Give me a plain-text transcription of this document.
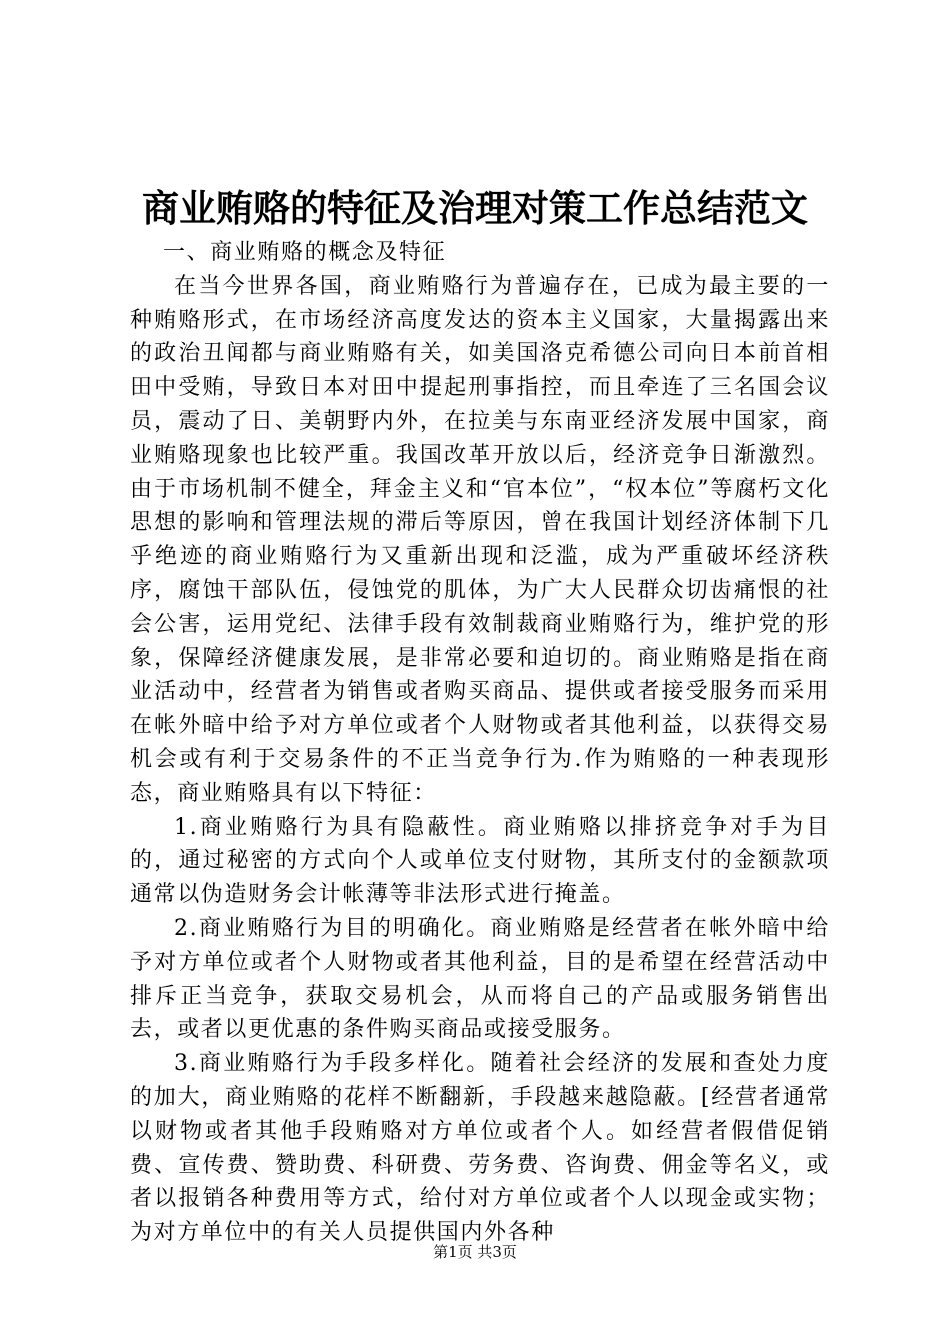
商业贿赂的特征及治理对策工作总结范文

一、商业贿赂的概念及特征

在当今世界各国，商业贿赂行为普遍存在，已成为最主要的一种贿赂形式，在市场经济高度发达的资本主义国家，大量揭露出来的政治丑闻都与商业贿赂有关，如美国洛克希德公司向日本前首相田中受贿，导致日本对田中提起刑事指控，而且牵连了三名国会议员，震动了日、美朝野内外，在拉美与东南亚经济发展中国家，商业贿赂现象也比较严重。我国改革开放以后，经济竞争日渐激烈。由于市场机制不健全，拜金主义和“官本位”，“权本位”等腐朽文化思想的影响和管理法规的滞后等原因，曾在我国计划经济体制下几乎绝迹的商业贿赂行为又重新出现和泛滥，成为严重破坏经济秩序，腐蚀干部队伍，侵蚀党的肌体，为广大人民群众切齿痛恨的社会公害，运用党纪、法律手段有效制裁商业贿赂行为，维护党的形象，保障经济健康发展，是非常必要和迫切的。商业贿赂是指在商业活动中，经营者为销售或者购买商品、提供或者接受服务而采用在帐外暗中给予对方单位或者个人财物或者其他利益，以获得交易机会或有利于交易条件的不正当竞争行为.作为贿赂的一种表现形态，商业贿赂具有以下特征：

1.商业贿赂行为具有隐蔽性。商业贿赂以排挤竞争对手为目的，通过秘密的方式向个人或单位支付财物，其所支付的金额款项通常以伪造财务会计帐薄等非法形式进行掩盖。

2.商业贿赂行为目的明确化。商业贿赂是经营者在帐外暗中给予对方单位或者个人财物或者其他利益，目的是希望在经营活动中排斥正当竞争，获取交易机会，从而将自己的产品或服务销售出去，或者以更优惠的条件购买商品或接受服务。

3.商业贿赂行为手段多样化。随着社会经济的发展和查处力度的加大，商业贿赂的花样不断翻新，手段越来越隐蔽。[经营者通常以财物或者其他手段贿赂对方单位或者个人。如经营者假借促销费、宣传费、赞助费、科研费、劳务费、咨询费、佣金等名义，或者以报销各种费用等方式，给付对方单位或者个人以现金或实物；为对方单位中的有关人员提供国内外各种

第1页 共3页
